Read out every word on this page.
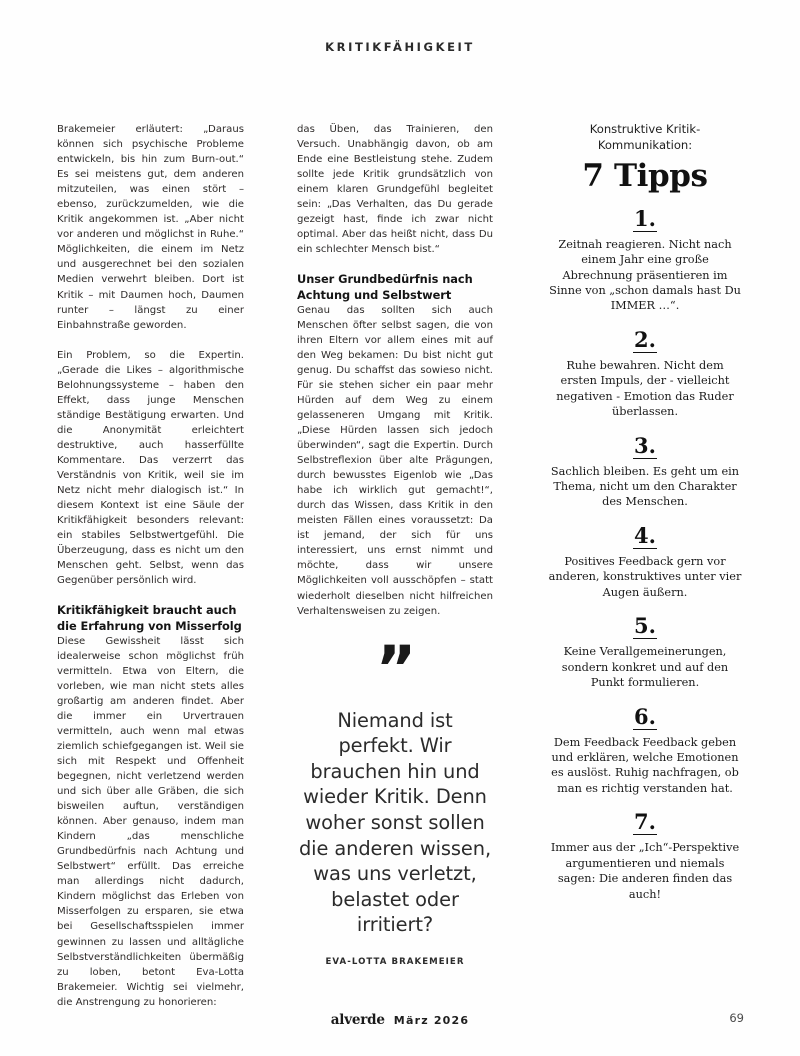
KRITIKFÄHIGKEIT

Brakemeier erläutert: „Daraus können sich psychische Probleme entwickeln, bis hin zum Burn-out.“ Es sei meistens gut, dem anderen mitzuteilen, was einen stört – ebenso, zurückzumelden, wie die Kritik angekommen ist. „Aber nicht vor anderen und möglichst in Ruhe.“ Möglichkeiten, die einem im Netz und ausgerechnet bei den sozialen Medien verwehrt bleiben. Dort ist Kritik – mit Daumen hoch, Daumen runter – längst zu einer Einbahnstraße geworden.

Ein Problem, so die Expertin. „Gerade die Likes – algorithmische Belohnungssysteme – haben den Effekt, dass junge Menschen ständige Bestätigung erwarten. Und die Anonymität erleichtert destruktive, auch hasserfüllte Kommentare. Das verzerrt das Verständnis von Kritik, weil sie im Netz nicht mehr dialogisch ist.“ In diesem Kontext ist eine Säule der Kritikfähigkeit besonders relevant: ein stabiles Selbstwertgefühl. Die Überzeugung, dass es nicht um den Menschen geht. Selbst, wenn das Gegenüber persönlich wird.

Kritikfähigkeit braucht auch die Erfahrung von Misserfolg

Diese Gewissheit lässt sich idealerweise schon möglichst früh vermitteln. Etwa von Eltern, die vorleben, wie man nicht stets alles großartig am anderen findet. Aber die immer ein Urvertrauen vermitteln, auch wenn mal etwas ziemlich schiefgegangen ist. Weil sie sich mit Respekt und Offenheit begegnen, nicht verletzend werden und sich über alle Gräben, die sich bisweilen auftun, verständigen können. Aber genauso, indem man Kindern „das menschliche Grundbedürfnis nach Achtung und Selbstwert“ erfüllt. Das erreiche man allerdings nicht dadurch, Kindern möglichst das Erleben von Misserfolgen zu ersparen, sie etwa bei Gesellschaftsspielen immer gewinnen zu lassen und alltägliche Selbstverständlichkeiten übermäßig zu loben, betont Eva-Lotta Brakemeier. Wichtig sei vielmehr, die Anstrengung zu honorieren:

das Üben, das Trainieren, den Versuch. Unabhängig davon, ob am Ende eine Bestleistung stehe. Zudem sollte jede Kritik grundsätzlich von einem klaren Grundgefühl begleitet sein: „Das Verhalten, das Du gerade gezeigt hast, finde ich zwar nicht optimal. Aber das heißt nicht, dass Du ein schlechter Mensch bist.“

Unser Grundbedürfnis nach Achtung und Selbstwert

Genau das sollten sich auch Menschen öfter selbst sagen, die von ihren Eltern vor allem eines mit auf den Weg bekamen: Du bist nicht gut genug. Du schaffst das sowieso nicht. Für sie stehen sicher ein paar mehr Hürden auf dem Weg zu einem gelasseneren Umgang mit Kritik. „Diese Hürden lassen sich jedoch überwinden“, sagt die Expertin. Durch Selbstreflexion über alte Prägungen, durch bewusstes Eigenlob wie „Das habe ich wirklich gut gemacht!“, durch das Wissen, dass Kritik in den meisten Fällen eines voraussetzt: Da ist jemand, der sich für uns interessiert, uns ernst nimmt und möchte, dass wir unsere Möglichkeiten voll ausschöpfen – statt wiederholt dieselben nicht hilfreichen Verhaltensweisen zu zeigen.

”

Niemand ist perfekt. Wir brauchen hin und wieder Kritik. Denn woher sonst sollen die anderen wissen, was uns verletzt, belastet oder irritiert?

EVA-LOTTA BRAKEMEIER

Konstruktive Kritik-Kommunikation:

7 Tipps
1.

Zeitnah reagieren. Nicht nach einem Jahr eine große Abrechnung präsentieren im Sinne von „schon damals hast Du IMMER …“.

2.

Ruhe bewahren. Nicht dem ersten Impuls, der - vielleicht negativen - Emotion das Ruder überlassen.

3.

Sachlich bleiben. Es geht um ein Thema, nicht um den Charakter des Menschen.

4.

Positives Feedback gern vor anderen, konstruktives unter vier Augen äußern.

5.

Keine Verallgemeinerungen, sondern konkret und auf den Punkt formulieren.

6.

Dem Feedback Feedback geben und erklären, welche Emotionen es auslöst. Ruhig nachfragen, ob man es richtig verstanden hat.

7.

Immer aus der „Ich“-Perspektive argumentieren und niemals sagen: Die anderen finden das auch!

alverde März 2026	69
